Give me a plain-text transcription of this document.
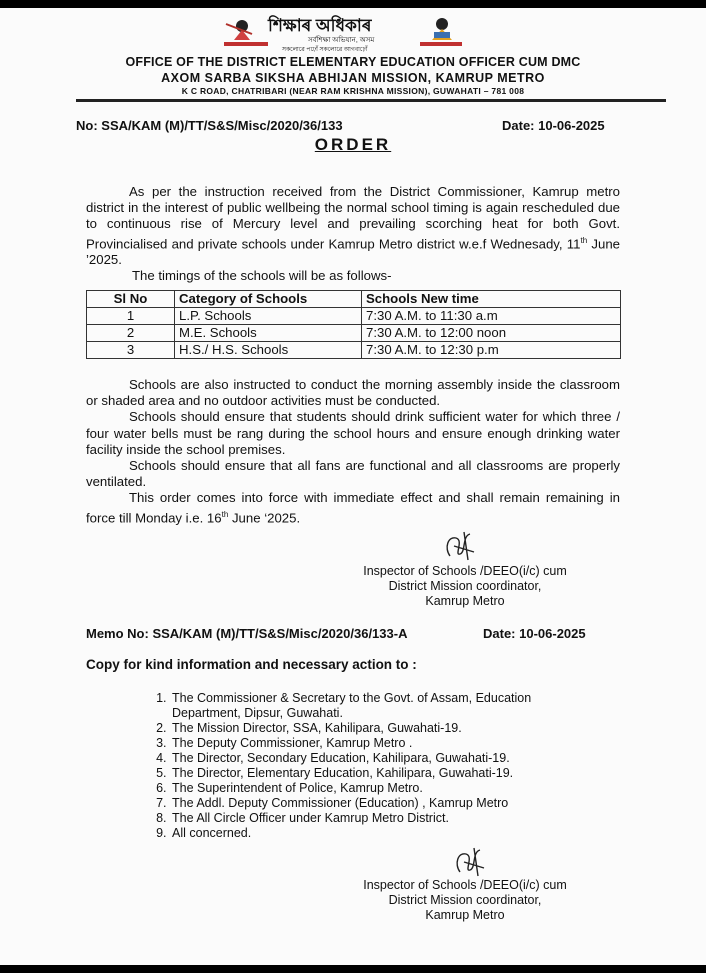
শিক্ষাৰ অধিকাৰ
সৰ্বশিক্ষা অভিযান, অসম
সকলোৱে পঢ়োঁ সকলোৱে আগবাঢ়োঁ
OFFICE OF THE DISTRICT ELEMENTARY EDUCATION OFFICER CUM DMC
AXOM SARBA SIKSHA ABHIJAN MISSION, KAMRUP METRO
K C ROAD, CHATRIBARI (NEAR RAM KRISHNA MISSION), GUWAHATI – 781 008
No: SSA/KAM (M)/TT/S&S/Misc/2020/36/133	Date: 10-06-2025
ORDER

As per the instruction received from the District Commissioner, Kamrup metro district in the interest of public wellbeing the normal school timing is again rescheduled due to continuous rise of Mercury level and prevailing scorching heat for both Govt. Provincialised and private schools under Kamrup Metro district w.e.f Wednesady, 11th June ’2025.

The timings of the schools will be as follows-

Sl No	Category of Schools	Schools New time
1	L.P. Schools	7:30 A.M. to 11:30 a.m
2	M.E. Schools	7:30 A.M. to 12:00 noon
3	H.S./ H.S. Schools	7:30 A.M. to 12:30 p.m

Schools are also instructed to conduct the morning assembly inside the classroom or shaded area and no outdoor activities must be conducted.

Schools should ensure that students should drink sufficient water for which three / four water bells must be rang during the school hours and ensure enough drinking water facility inside the school premises.

Schools should ensure that all fans are functional and all classrooms are properly ventilated.

This order comes into force with immediate effect and shall remain remaining in force till Monday i.e. 16th June ‘2025.

Inspector of Schools /DEEO(i/c) cum
District Mission coordinator,
Kamrup Metro
Memo No: SSA/KAM (M)/TT/S&S/Misc/2020/36/133-A	Date: 10-06-2025
Copy for kind information and necessary action to :
1. The Commissioner & Secretary to the Govt. of Assam, Education Department, Dipsur, Guwahati.
2. The Mission Director, SSA, Kahilipara, Guwahati-19.
3. The Deputy Commissioner, Kamrup Metro .
4. The Director, Secondary Education, Kahilipara, Guwahati-19.
5. The Director, Elementary Education, Kahilipara, Guwahati-19.
6. The Superintendent of Police, Kamrup Metro.
7. The Addl. Deputy Commissioner (Education) , Kamrup Metro
8. The All Circle Officer under Kamrup Metro District.
9. All concerned.
Inspector of Schools /DEEO(i/c) cum
District Mission coordinator,
Kamrup Metro
